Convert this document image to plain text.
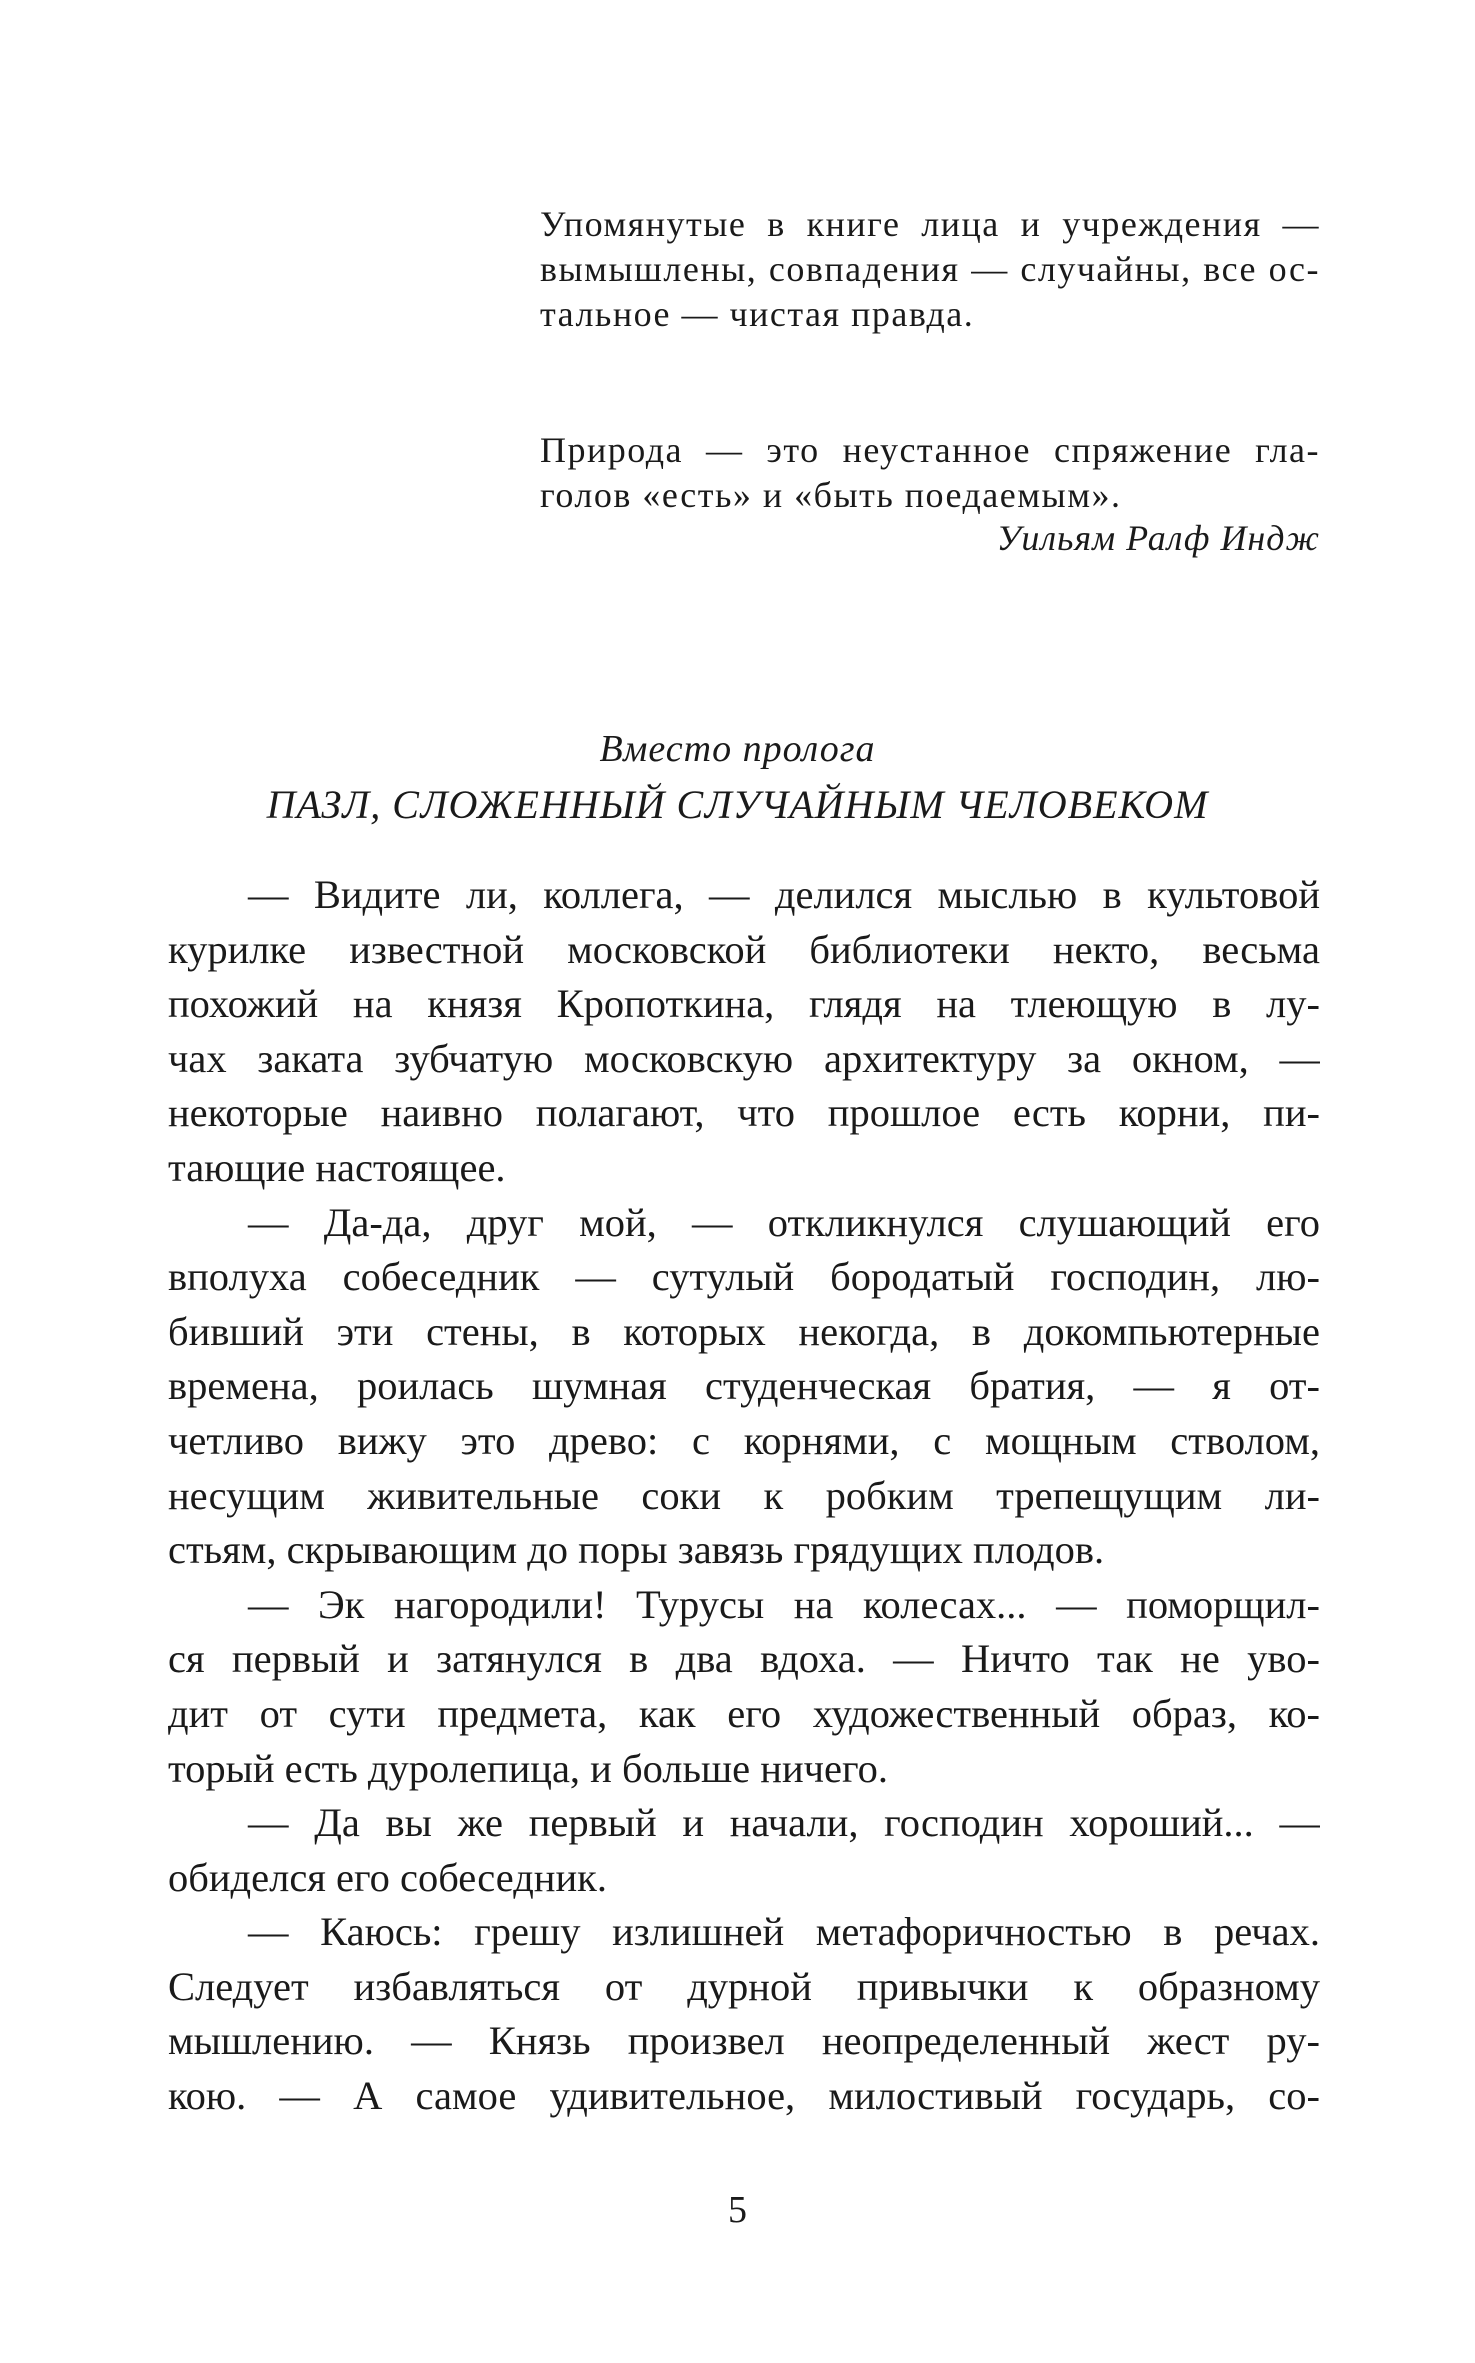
Упомянутые в книге лица и учреждения —
вымышлены, совпадения — случайны, все ос-
тальное — чистая правда.
Природа — это неустанное спряжение гла-
голов «есть» и «быть поедаемым».
Уильям Ралф Индж
Вместо пролога
ПАЗЛ, СЛОЖЕННЫЙ СЛУЧАЙНЫМ ЧЕЛОВЕКОМ
— Видите ли, коллега, — делился мыслью в культовой
курилке известной московской библиотеки некто, весьма
похожий на князя Кропоткина, глядя на тлеющую в лу-
чах заката зубчатую московскую архитектуру за окном, —
некоторые наивно полагают, что прошлое есть корни, пи-
тающие настоящее.
— Да-да, друг мой, — откликнулся слушающий его
вполуха собеседник — сутулый бородатый господин, лю-
бивший эти стены, в которых некогда, в докомпьютерные
времена, роилась шумная студенческая братия, — я от-
четливо вижу это древо: с корнями, с мощным стволом,
несущим живительные соки к робким трепещущим ли-
стьям, скрывающим до поры завязь грядущих плодов.
— Эк нагородили! Турусы на колесах... — поморщил-
ся первый и затянулся в два вдоха. — Ничто так не уво-
дит от сути предмета, как его художественный образ, ко-
торый есть дуролепица, и больше ничего.
— Да вы же первый и начали, господин хороший... —
обиделся его собеседник.
— Каюсь: грешу излишней метафоричностью в речах.
Следует избавляться от дурной привычки к образному
мышлению. — Князь произвел неопределенный жест ру-
кою. — А самое удивительное, милостивый государь, со-
5
